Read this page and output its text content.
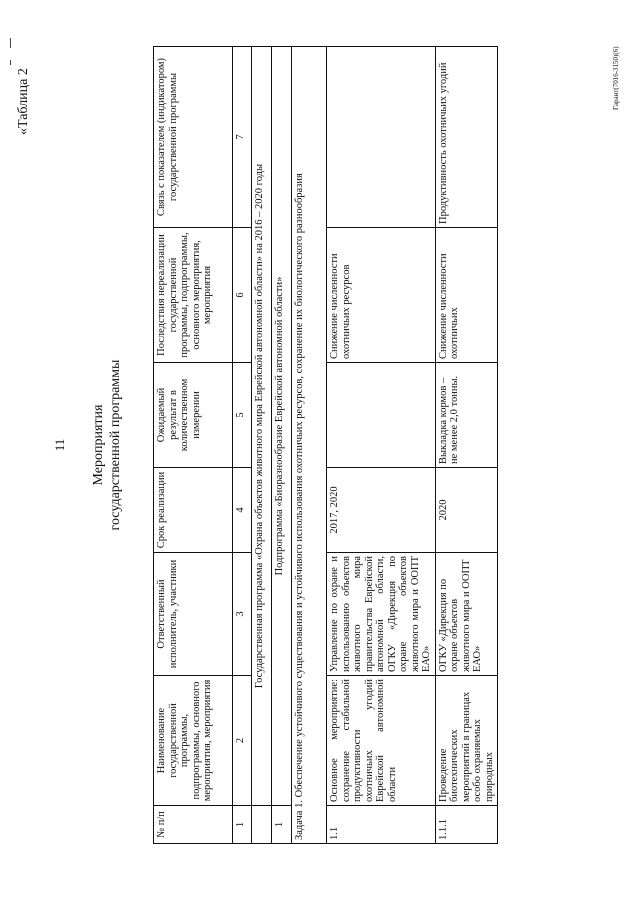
11
«Таблица 2
Мероприятия государственной программы
№ п/п	Наименование государственной программы, подпрограммы, основного мероприятия, мероприятия	Ответственный исполнитель, участники	Срок реализации	Ожидаемый результат в количественном измерении	Последствия нереализации государственной программы, подпрограммы, основного мероприятия, мероприятия	Связь с показателем (индикатором) государственной программы
1	2	3	4	5	6	7
	Государственная программа «Охрана объектов животного мира Еврейской автономной области» на 2016 – 2020 годы					
1	Подпрограмма «Биоразнообразие Еврейской автономной области»					
Задача 1. Обеспечение устойчивого существования и устойчивого использования охотничьих ресурсов, сохранение их биологического разнообразия						
1.1	Основное мероприятие: сохранение стабильной продуктивности охотничьих угодий Еврейской автономной области	Управление по охране и использованию объектов животного мира правительства Еврейской автономной области, ОГКУ «Дирекция по охране объектов животного мира и ООПТ ЕАО»	2017, 2020		Снижение численности охотничьих ресурсов	
1.1.1	Проведение биотехнических мероприятий в границах особо охраняемых природных	ОГКУ «Дирекция по охране объектов животного мира и ООПТ ЕАО»	2020	Выкладка кормов – не менее 2,0 тонны.	Снижение численности охотничьих	Продуктивность охотничьих угодий	Гарант(7016-3150)(6)
